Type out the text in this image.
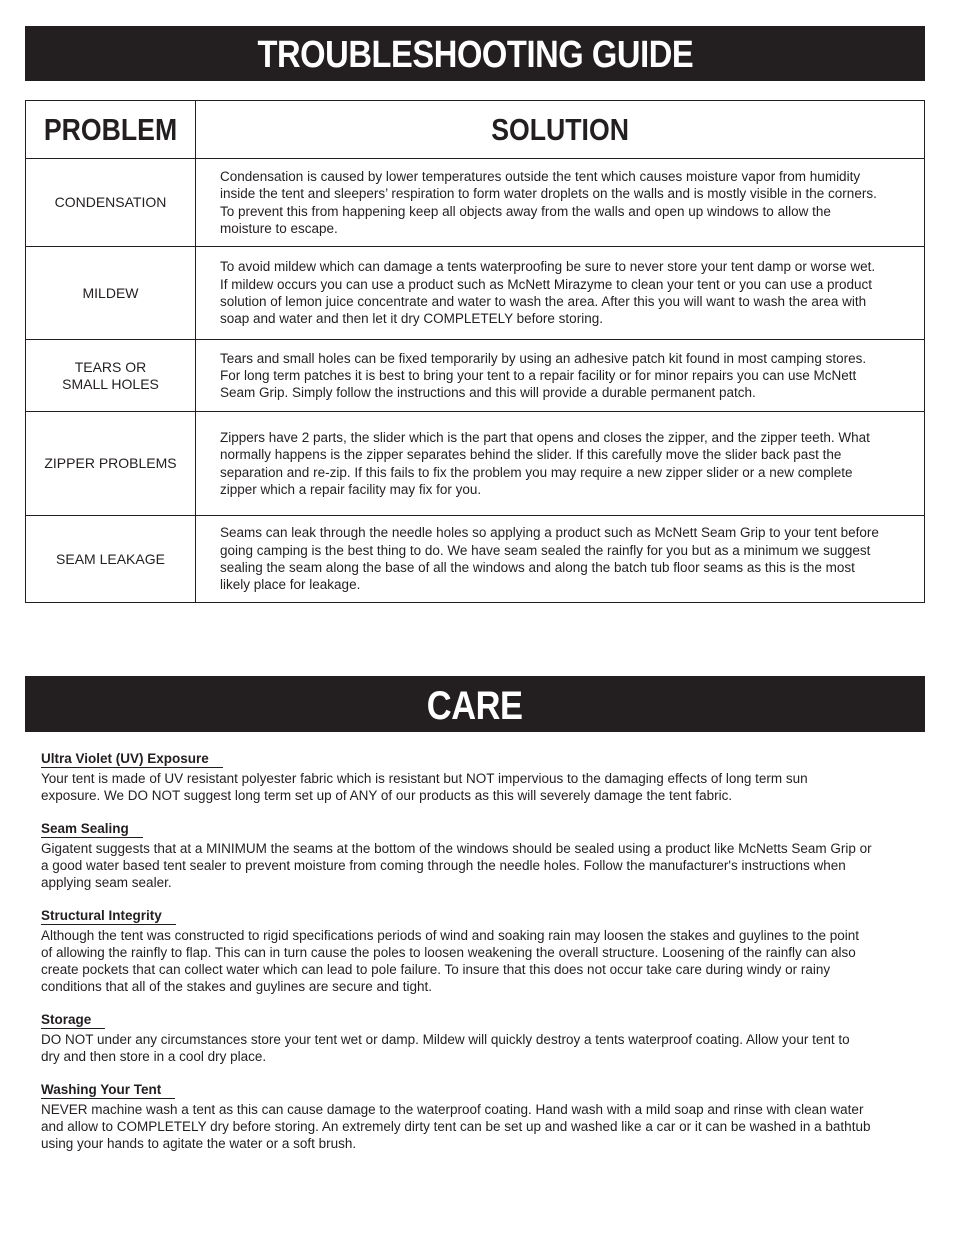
TROUBLESHOOTING GUIDE
PROBLEM	SOLUTION
CONDENSATION	Condensation is caused by lower temperatures outside the tent which causes moisture vapor from humidity
inside the tent and sleepers’ respiration to form water droplets on the walls and is mostly visible in the corners.
To prevent this from happening keep all objects away from the walls and open up windows to allow the
moisture to escape.
MILDEW	To avoid mildew which can damage a tents waterproofing be sure to never store your tent damp or worse wet.
If mildew occurs you can use a product such as McNett Mirazyme to clean your tent or you can use a product
solution of lemon juice concentrate and water to wash the area. After this you will want to wash the area with
soap and water and then let it dry COMPLETELY before storing.
TEARS OR
SMALL HOLES	Tears and small holes can be fixed temporarily by using an adhesive patch kit found in most camping stores.
For long term patches it is best to bring your tent to a repair facility or for minor repairs you can use McNett
Seam Grip. Simply follow the instructions and this will provide a durable permanent patch.
ZIPPER PROBLEMS	Zippers have 2 parts, the slider which is the part that opens and closes the zipper, and the zipper teeth. What
normally happens is the zipper separates behind the slider. If this carefully move the slider back past the
separation and re-zip. If this fails to fix the problem you may require a new zipper slider or a new complete
zipper which a repair facility may fix for you.
SEAM LEAKAGE	Seams can leak through the needle holes so applying a product such as McNett Seam Grip to your tent before
going camping is the best thing to do. We have seam sealed the rainfly for you but as a minimum we suggest
sealing the seam along the base of all the windows and along the batch tub floor seams as this is the most
likely place for leakage.
CARE
Ultra Violet (UV) Exposure

Your tent is made of UV resistant polyester fabric which is resistant but NOT impervious to the damaging effects of long term sun
exposure. We DO NOT suggest long term set up of ANY of our products as this will severely damage the tent fabric.

Seam Sealing

Gigatent suggests that at a MINIMUM the seams at the bottom of the windows should be sealed using a product like McNetts Seam Grip or
a good water based tent sealer to prevent moisture from coming through the needle holes. Follow the manufacturer's instructions when
applying seam sealer.

Structural Integrity

Although the tent was constructed to rigid specifications periods of wind and soaking rain may loosen the stakes and guylines to the point
of allowing the rainfly to flap. This can in turn cause the poles to loosen weakening the overall structure. Loosening of the rainfly can also
create pockets that can collect water which can lead to pole failure. To insure that this does not occur take care during windy or rainy
conditions that all of the stakes and guylines are secure and tight.

Storage

DO NOT under any circumstances store your tent wet or damp. Mildew will quickly destroy a tents waterproof coating. Allow your tent to
dry and then store in a cool dry place.

Washing Your Tent

NEVER machine wash a tent as this can cause damage to the waterproof coating. Hand wash with a mild soap and rinse with clean water
and allow to COMPLETELY dry before storing. An extremely dirty tent can be set up and washed like a car or it can be washed in a bathtub
using your hands to agitate the water or a soft brush.
